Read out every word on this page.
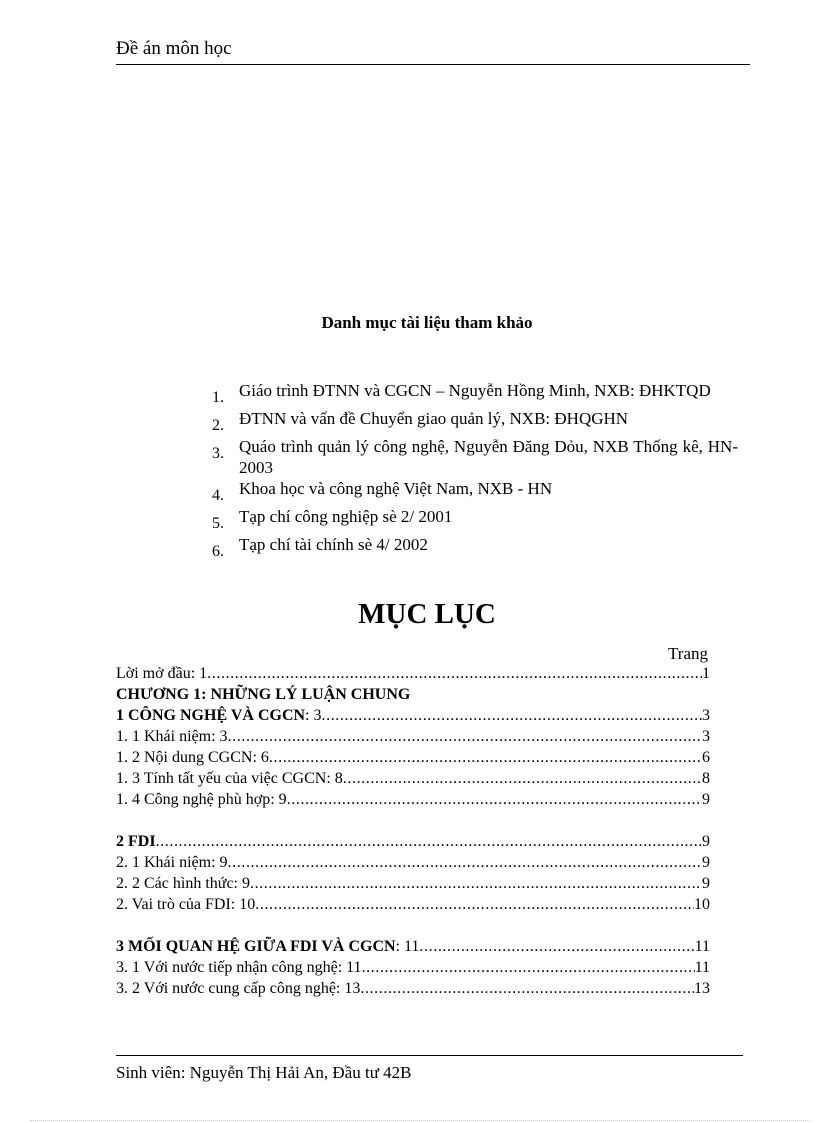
Đề án môn học
Danh mục tài liệu tham khảo
1. Giáo trình ĐTNN và CGCN – Nguyễn Hồng Minh, NXB: ĐHKTQD
2. ĐTNN và vấn đề Chuyển giao quản lý, NXB: ĐHQGHN
3. Quáo trình quản lý công nghệ, Nguyễn Đăng Dỏu, NXB Thống kê, HN- 2003
4. Khoa học và công nghệ Việt Nam, NXB - HN
5. Tạp chí công nghiệp sè 2/ 2001
6. Tạp chí tài chính sè 4/ 2002
MỤC LỤC
Trang
Lời mở đầu: 1 .....	1
CHƯƠNG 1: NHỮNG LÝ LUẬN CHUNG
1 CÔNG NGHỆ VÀ CGCN: 3 .....	3
1. 1 Khái niệm: 3 .....	3
1. 2 Nội dung CGCN: 6 .....	6
1. 3 Tính tất yếu của việc CGCN: 8 .....	8
1. 4 Công nghệ phù hợp: 9 .....	9
2 FDI .....	9
2. 1 Khái niệm: 9 .....	9
2. 2 Các hình thức: 9 .....	9
2. Vai trò của FDI: 10 .....	10
3 MỐI QUAN HỆ GIỮA FDI VÀ CGCN: 11 .....	11
3. 1 Với nước tiếp nhận công nghệ: 11 .....	11
3. 2 Với nước cung cấp công nghệ: 13 .....	13
Sinh viên: Nguyễn Thị Hải An, Đầu tư 42B
